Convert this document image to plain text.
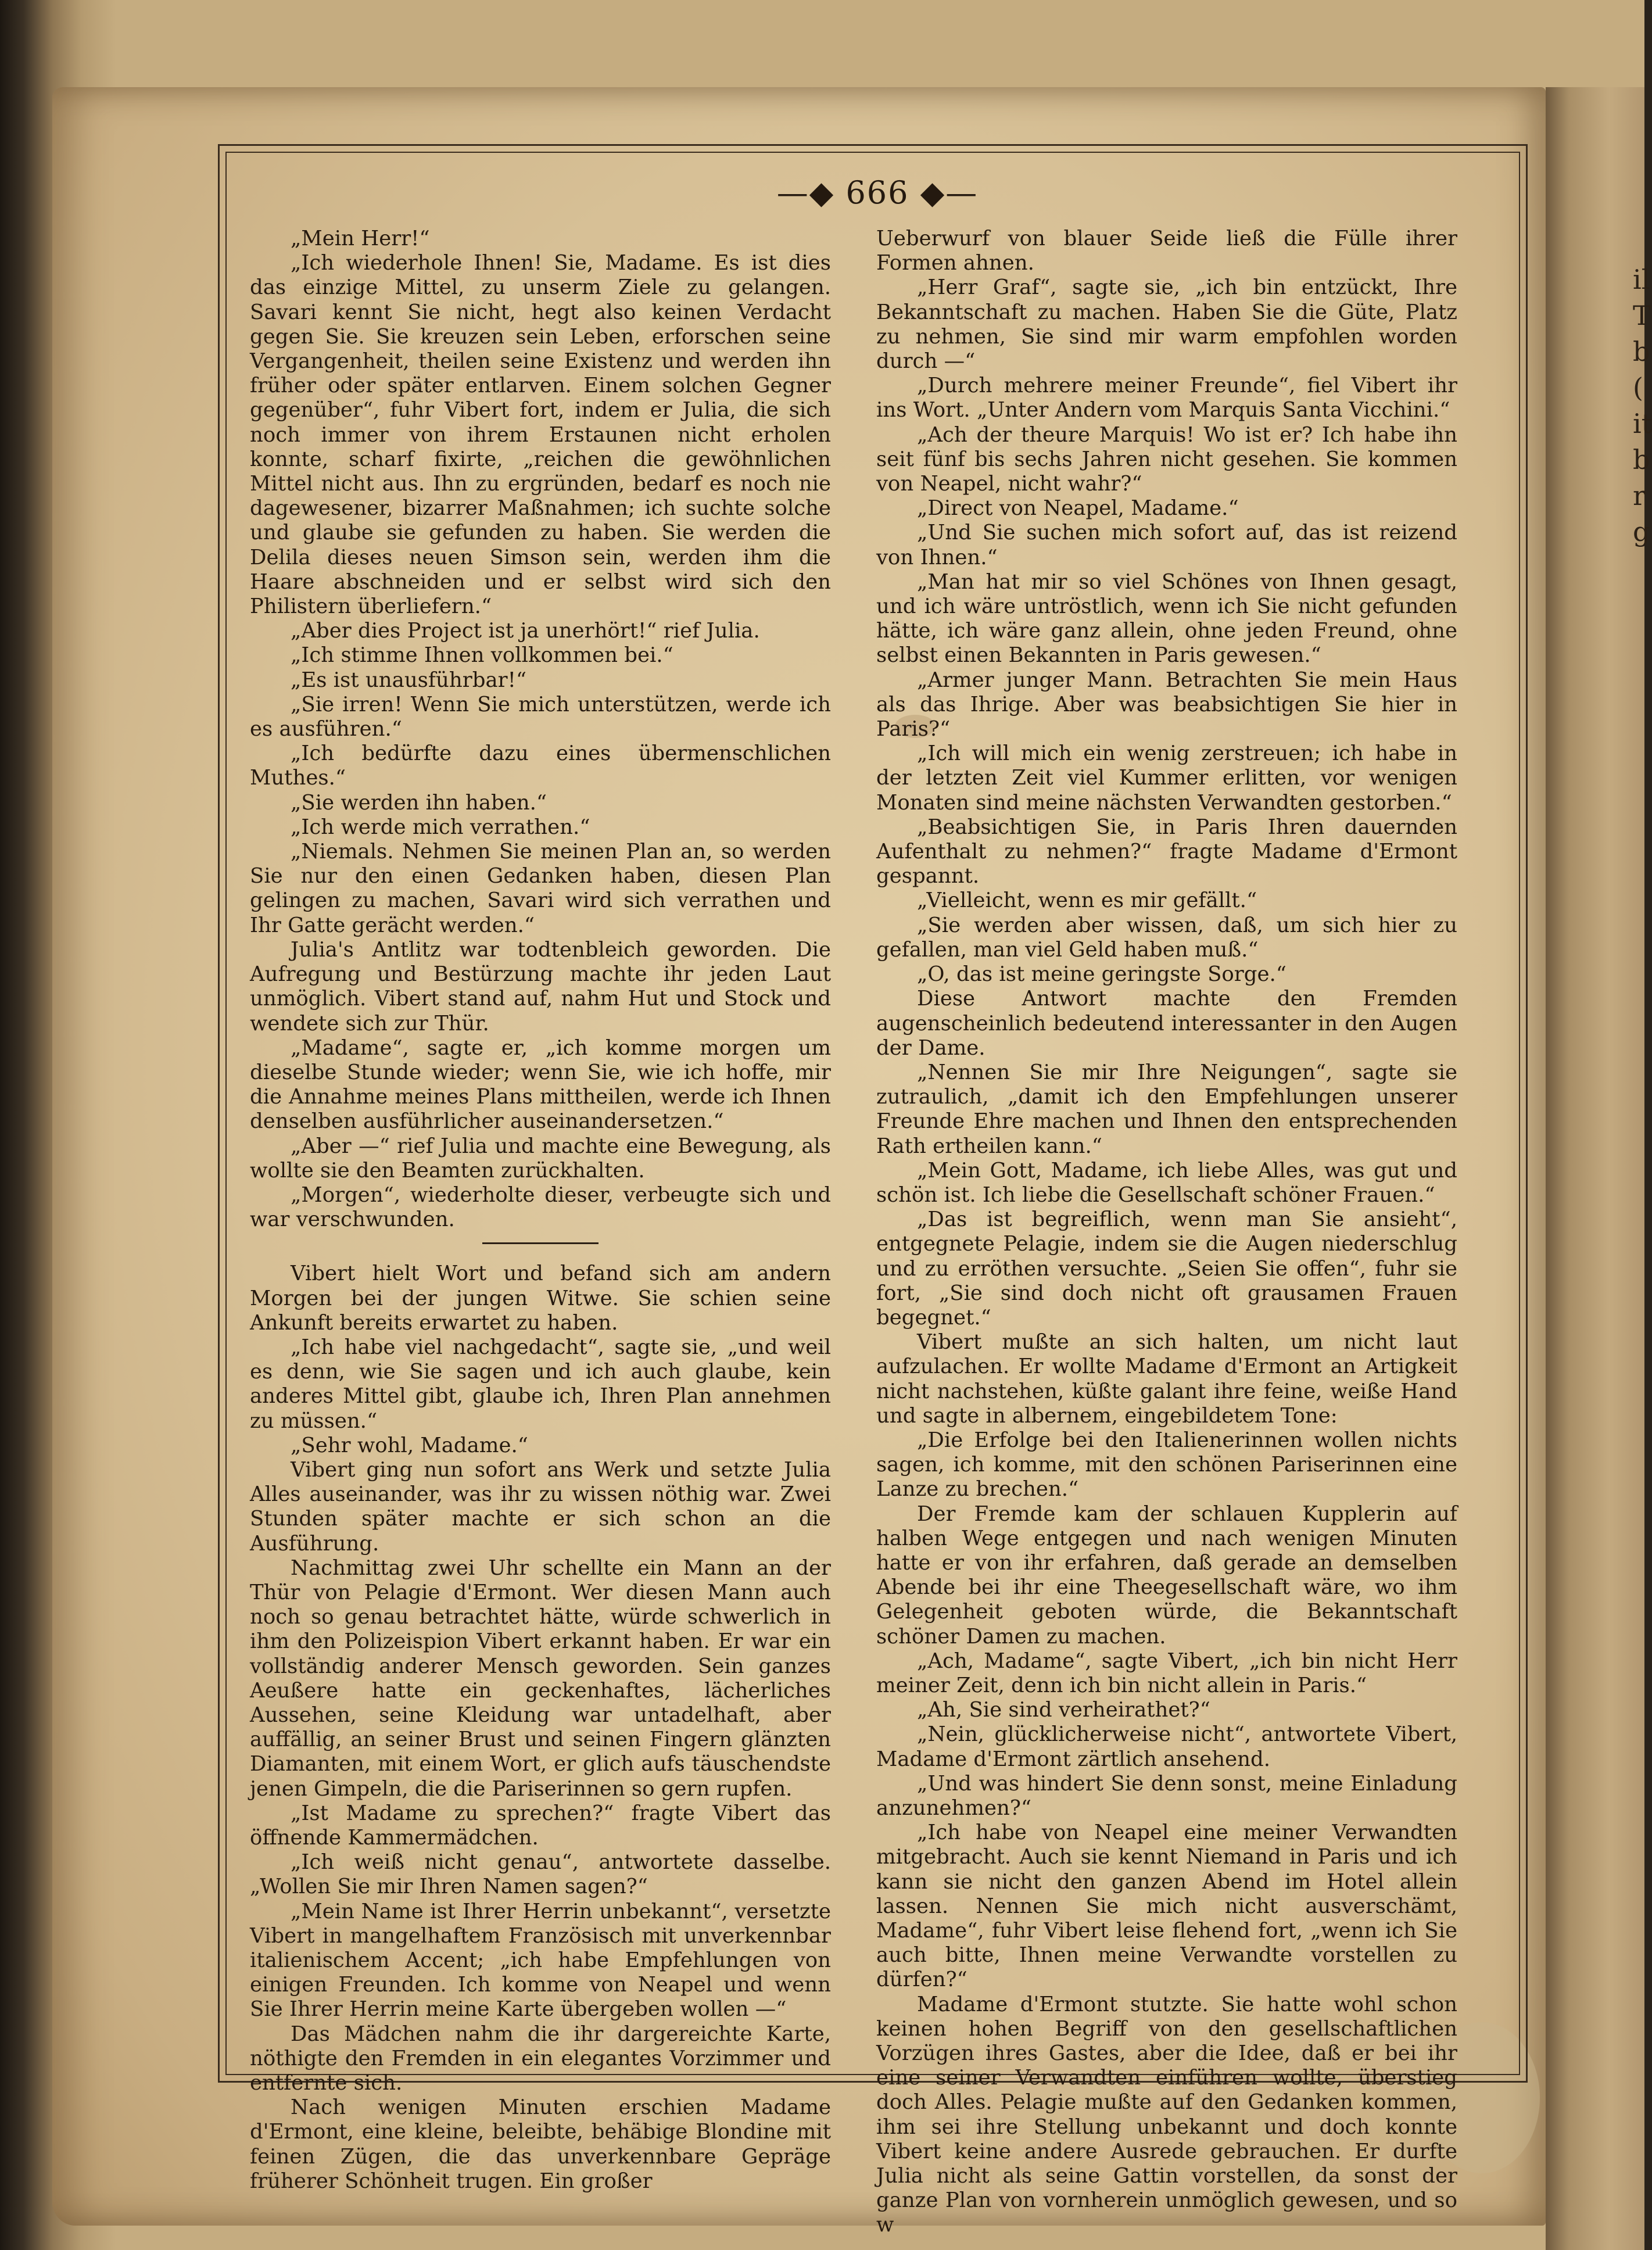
il
T
b
(
it
b
r
g
—◆ 666 ◆—

„Mein Herr!“

„Ich wiederhole Ihnen! Sie, Madame. Es ist dies das einzige Mittel, zu unserm Ziele zu gelangen. Savari kennt Sie nicht, hegt also keinen Verdacht gegen Sie. Sie kreuzen sein Leben, erforschen seine Vergangenheit, theilen seine Existenz und werden ihn früher oder später entlarven. Einem solchen Gegner gegenüber“, fuhr Vibert fort, indem er Julia, die sich noch immer von ihrem Erstaunen nicht erholen konnte, scharf fixirte, „reichen die gewöhnlichen Mittel nicht aus. Ihn zu ergründen, bedarf es noch nie dagewesener, bizarrer Maßnahmen; ich suchte solche und glaube sie gefunden zu haben. Sie werden die Delila dieses neuen Simson sein, werden ihm die Haare abschneiden und er selbst wird sich den Philistern überliefern.“

„Aber dies Project ist ja unerhört!“ rief Julia.

„Ich stimme Ihnen vollkommen bei.“

„Es ist unausführbar!“

„Sie irren! Wenn Sie mich unterstützen, werde ich es ausführen.“

„Ich bedürfte dazu eines übermenschlichen Muthes.“

„Sie werden ihn haben.“

„Ich werde mich verrathen.“

„Niemals. Nehmen Sie meinen Plan an, so werden Sie nur den einen Gedanken haben, diesen Plan gelingen zu machen, Savari wird sich verrathen und Ihr Gatte gerächt werden.“

Julia's Antlitz war todtenbleich geworden. Die Aufregung und Bestürzung machte ihr jeden Laut unmöglich. Vibert stand auf, nahm Hut und Stock und wendete sich zur Thür.

„Madame“, sagte er, „ich komme morgen um dieselbe Stunde wieder; wenn Sie, wie ich hoffe, mir die Annahme meines Plans mittheilen, werde ich Ihnen denselben ausführlicher auseinandersetzen.“

„Aber —“ rief Julia und machte eine Bewegung, als wollte sie den Beamten zurückhalten.

„Morgen“, wiederholte dieser, verbeugte sich und war verschwunden.

Vibert hielt Wort und befand sich am andern Morgen bei der jungen Witwe. Sie schien seine Ankunft bereits erwartet zu haben.

„Ich habe viel nachgedacht“, sagte sie, „und weil es denn, wie Sie sagen und ich auch glaube, kein anderes Mittel gibt, glaube ich, Ihren Plan annehmen zu müssen.“

„Sehr wohl, Madame.“

Vibert ging nun sofort ans Werk und setzte Julia Alles auseinander, was ihr zu wissen nöthig war. Zwei Stunden später machte er sich schon an die Ausführung.

Nachmittag zwei Uhr schellte ein Mann an der Thür von Pelagie d'Ermont. Wer diesen Mann auch noch so genau betrachtet hätte, würde schwerlich in ihm den Polizeispion Vibert erkannt haben. Er war ein vollständig anderer Mensch geworden. Sein ganzes Aeußere hatte ein geckenhaftes, lächerliches Aussehen, seine Kleidung war untadelhaft, aber auffällig, an seiner Brust und seinen Fingern glänzten Diamanten, mit einem Wort, er glich aufs täuschendste jenen Gimpeln, die die Pariserinnen so gern rupfen.

„Ist Madame zu sprechen?“ fragte Vibert das öffnende Kammermädchen.

„Ich weiß nicht genau“, antwortete dasselbe. „Wollen Sie mir Ihren Namen sagen?“

„Mein Name ist Ihrer Herrin unbekannt“, versetzte Vibert in mangelhaftem Französisch mit unverkennbar italienischem Accent; „ich habe Empfehlungen von einigen Freunden. Ich komme von Neapel und wenn Sie Ihrer Herrin meine Karte übergeben wollen —“

Das Mädchen nahm die ihr dargereichte Karte, nöthigte den Fremden in ein elegantes Vorzimmer und entfernte sich.

Nach wenigen Minuten erschien Madame d'Ermont, eine kleine, beleibte, behäbige Blondine mit feinen Zügen, die das unverkennbare Gepräge früherer Schönheit trugen. Ein großer

Ueberwurf von blauer Seide ließ die Fülle ihrer Formen ahnen.

„Herr Graf“, sagte sie, „ich bin entzückt, Ihre Bekanntschaft zu machen. Haben Sie die Güte, Platz zu nehmen, Sie sind mir warm empfohlen worden durch —“

„Durch mehrere meiner Freunde“, fiel Vibert ihr ins Wort. „Unter Andern vom Marquis Santa Vicchini.“

„Ach der theure Marquis! Wo ist er? Ich habe ihn seit fünf bis sechs Jahren nicht gesehen. Sie kommen von Neapel, nicht wahr?“

„Direct von Neapel, Madame.“

„Und Sie suchen mich sofort auf, das ist reizend von Ihnen.“

„Man hat mir so viel Schönes von Ihnen gesagt, und ich wäre untröstlich, wenn ich Sie nicht gefunden hätte, ich wäre ganz allein, ohne jeden Freund, ohne selbst einen Bekannten in Paris gewesen.“

„Armer junger Mann. Betrachten Sie mein Haus als das Ihrige. Aber was beabsichtigen Sie hier in Paris?“

„Ich will mich ein wenig zerstreuen; ich habe in der letzten Zeit viel Kummer erlitten, vor wenigen Monaten sind meine nächsten Verwandten gestorben.“

„Beabsichtigen Sie, in Paris Ihren dauernden Aufenthalt zu nehmen?“ fragte Madame d'Ermont gespannt.

„Vielleicht, wenn es mir gefällt.“

„Sie werden aber wissen, daß, um sich hier zu gefallen, man viel Geld haben muß.“

„O, das ist meine geringste Sorge.“

Diese Antwort machte den Fremden augenscheinlich bedeutend interessanter in den Augen der Dame.

„Nennen Sie mir Ihre Neigungen“, sagte sie zutraulich, „damit ich den Empfehlungen unserer Freunde Ehre machen und Ihnen den entsprechenden Rath ertheilen kann.“

„Mein Gott, Madame, ich liebe Alles, was gut und schön ist. Ich liebe die Gesellschaft schöner Frauen.“

„Das ist begreiflich, wenn man Sie ansieht“, entgegnete Pelagie, indem sie die Augen niederschlug und zu erröthen versuchte. „Seien Sie offen“, fuhr sie fort, „Sie sind doch nicht oft grausamen Frauen begegnet.“

Vibert mußte an sich halten, um nicht laut aufzulachen. Er wollte Madame d'Ermont an Artigkeit nicht nachstehen, küßte galant ihre feine, weiße Hand und sagte in albernem, eingebildetem Tone:

„Die Erfolge bei den Italienerinnen wollen nichts sagen, ich komme, mit den schönen Pariserinnen eine Lanze zu brechen.“

Der Fremde kam der schlauen Kupplerin auf halben Wege entgegen und nach wenigen Minuten hatte er von ihr erfahren, daß gerade an demselben Abende bei ihr eine Theegesellschaft wäre, wo ihm Gelegenheit geboten würde, die Bekanntschaft schöner Damen zu machen.

„Ach, Madame“, sagte Vibert, „ich bin nicht Herr meiner Zeit, denn ich bin nicht allein in Paris.“

„Ah, Sie sind verheirathet?“

„Nein, glücklicherweise nicht“, antwortete Vibert, Madame d'Ermont zärtlich ansehend.

„Und was hindert Sie denn sonst, meine Einladung anzunehmen?“

„Ich habe von Neapel eine meiner Verwandten mitgebracht. Auch sie kennt Niemand in Paris und ich kann sie nicht den ganzen Abend im Hotel allein lassen. Nennen Sie mich nicht ausverschämt, Madame“, fuhr Vibert leise flehend fort, „wenn ich Sie auch bitte, Ihnen meine Verwandte vorstellen zu dürfen?“

Madame d'Ermont stutzte. Sie hatte wohl schon keinen hohen Begriff von den gesellschaftlichen Vorzügen ihres Gastes, aber die Idee, daß er bei ihr eine seiner Verwandten einführen wollte, überstieg doch Alles. Pelagie mußte auf den Gedanken kommen, ihm sei ihre Stellung unbekannt und doch konnte Vibert keine andere Ausrede gebrauchen. Er durfte Julia nicht als seine Gattin vorstellen, da sonst der ganze Plan von vornherein unmöglich gewesen, und so w
